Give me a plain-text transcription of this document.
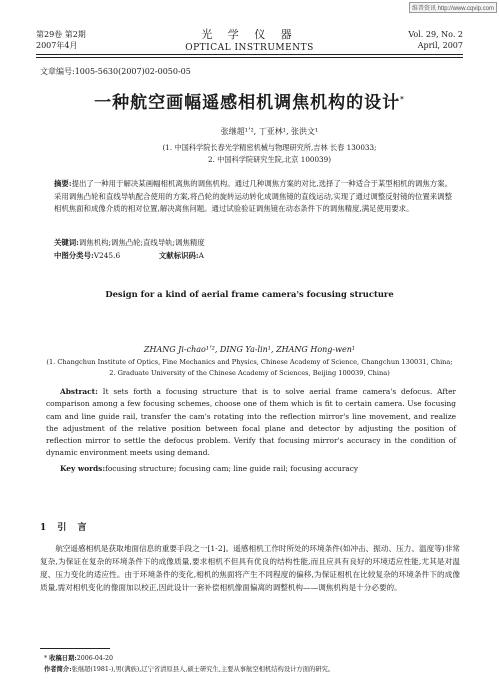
维普资讯 http://www.cqvip.com
第29卷 第2期
2007年4月
光 学 仪 器
OPTICAL INSTRUMENTS
Vol. 29, No. 2
April, 2007
文章编号:1005-5630(2007)02-0050-05
一种航空画幅遥感相机调焦机构的设计*
张继超¹ʼ², 丁亚林¹, 张洪文¹
(1. 中国科学院长春光学精密机械与物理研究所,吉林 长春 130033;
2. 中国科学院研究生院,北京 100039)
摘要:提出了一种用于解决某画幅相机离焦的调焦机构。通过几种调焦方案的对比,选择了一种适合于某型相机的调焦方案。采用调焦凸轮和直线导轨配合使用的方案,将凸轮的旋转运动转化成调焦镜的直线运动,实现了通过调整反射镜的位置来调整相机焦面和成像介质的相对位置,解决离焦问题。通过试验验证调焦镜在动态条件下的调焦精度,满足使用要求。
关键词:调焦机构;调焦凸轮;直线导轨;调焦精度
中图分类号:V245.6	文献标识码:A
Design for a kind of aerial frame camera's focusing structure
ZHANG Ji-chao¹ʼ², DING Ya-lin¹, ZHANG Hong-wen¹
(1. Changchun Institute of Optics, Fine Mechanics and Physics, Chinese Academy of Science, Changchun 130031, China;
2. Graduate University of the Chinese Academy of Sciences, Beijing 100039, China)
Abstract: It sets forth a focusing structure that is to solve aerial frame camera's defocus. After comparison among a few focusing schemes, choose one of them which is fit to certain camera. Use focusing cam and line guide rail, transfer the cam's rotating into the reflection mirror's line movement, and realize the adjustment of the relative position between focal plane and detector by adjusting the position of reflection mirror to settle the defocus problem. Verify that focusing mirror's accuracy in the condition of dynamic environment meets using demand.
Key words:focusing structure; focusing cam; line guide rail; focusing accuracy
1 引 言
航空遥感相机是获取地面信息的重要手段之一[1-2]。遥感相机工作时所处的环境条件(如冲击、振动、压力、温度等)非常复杂,为保证在复杂的环境条件下的成像质量,要求相机不但具有优良的结构性能,而且应具有良好的环境适应性能,尤其是对温度、压力变化的适应性。由于环境条件的变化,相机的焦面将产生不同程度的偏移,为保证相机在比较复杂的环境条件下的成像质量,需对相机变化的像面加以校正,因此设计一套补偿相机像面偏离的调整机构——调焦机构是十分必要的。
* 收稿日期:2006-04-20
作者简介:张继超(1981-),男(满族),辽宁省清原县人,硕士研究生,主要从事航空相机结构设计方面的研究。
